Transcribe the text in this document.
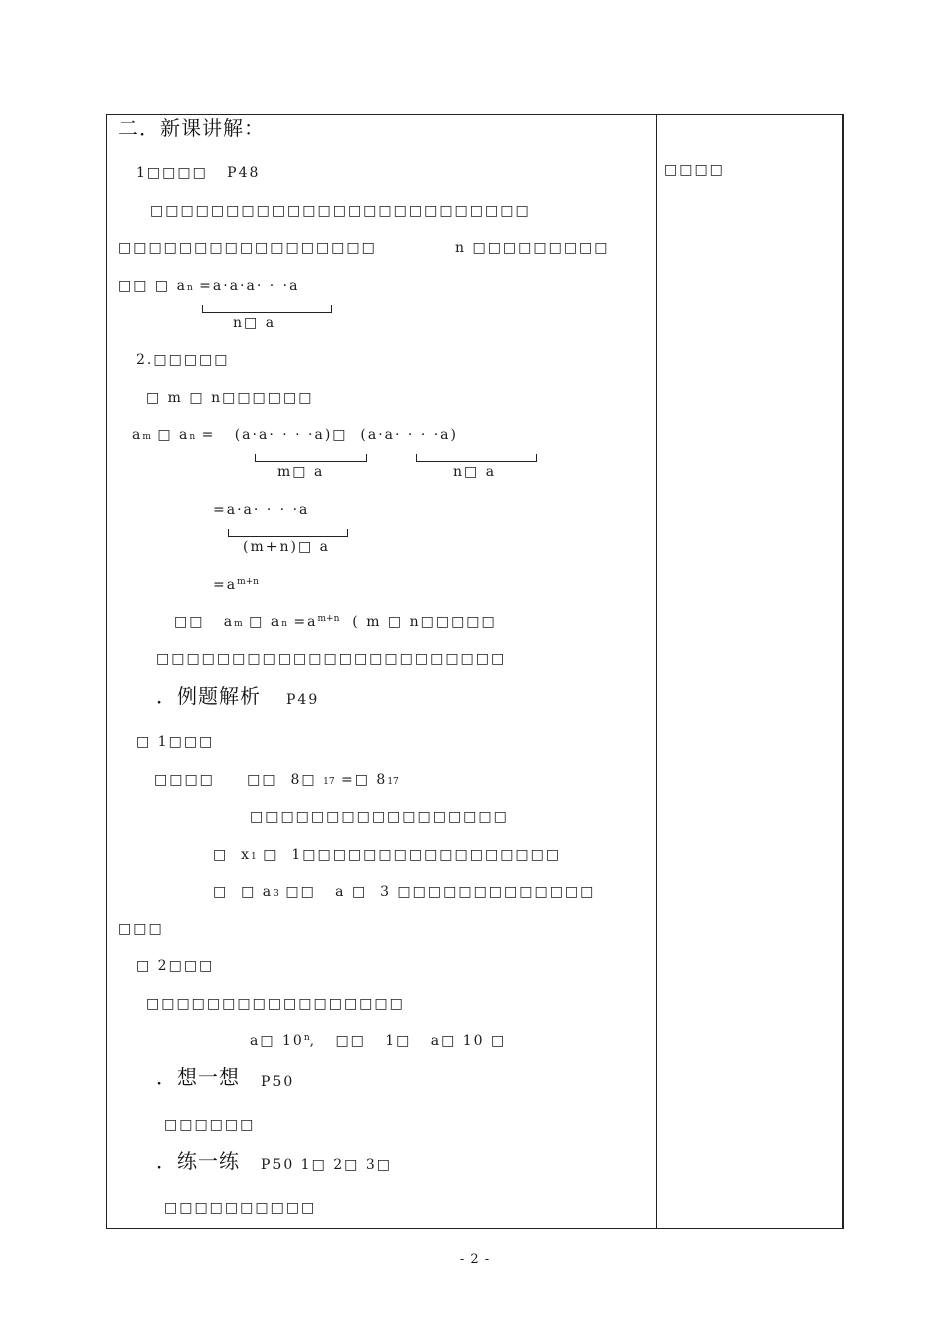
二．新课讲解：
□□□□
1□□□□   P48
□□□□□□□□□□□□□□□□□□□□□□□□□
□□□□□□□□□□□□□□□□□	n □□□□□□□□□
□□ □ an =a·a·a· · ·a
n□ a
2.□□□□□
□ m □ n□□□□□□
am □ an =   (a·a· · · ·a)□  (a·a· · · ·a)
m□ a	n□ a
=a·a· · · ·a
(m+n)□ a
$=a^{m+n}$
□□   am □ an $=a^{m+n}$  ( m □ n□□□□□
□□□□□□□□□□□□□□□□□□□□□□□
．例题解析 P49
□ 1□□□
□□□□     □□  8□ 17 =□ 817
□□□□□□□□□□□□□□□□□
□  x1 □  1□□□□□□□□□□□□□□□□□
□  □ a3 □□   a □  3 □□□□□□□□□□□□□
□□□
□ 2□□□
□□□□□□□□□□□□□□□□□
a□ 10$^n$,   □□   1□   a□ 10 □
．想一想 P50
□□□□□□
．练一练 P50 1□ 2□ 3□
□□□□□□□□□□
- 2 -
